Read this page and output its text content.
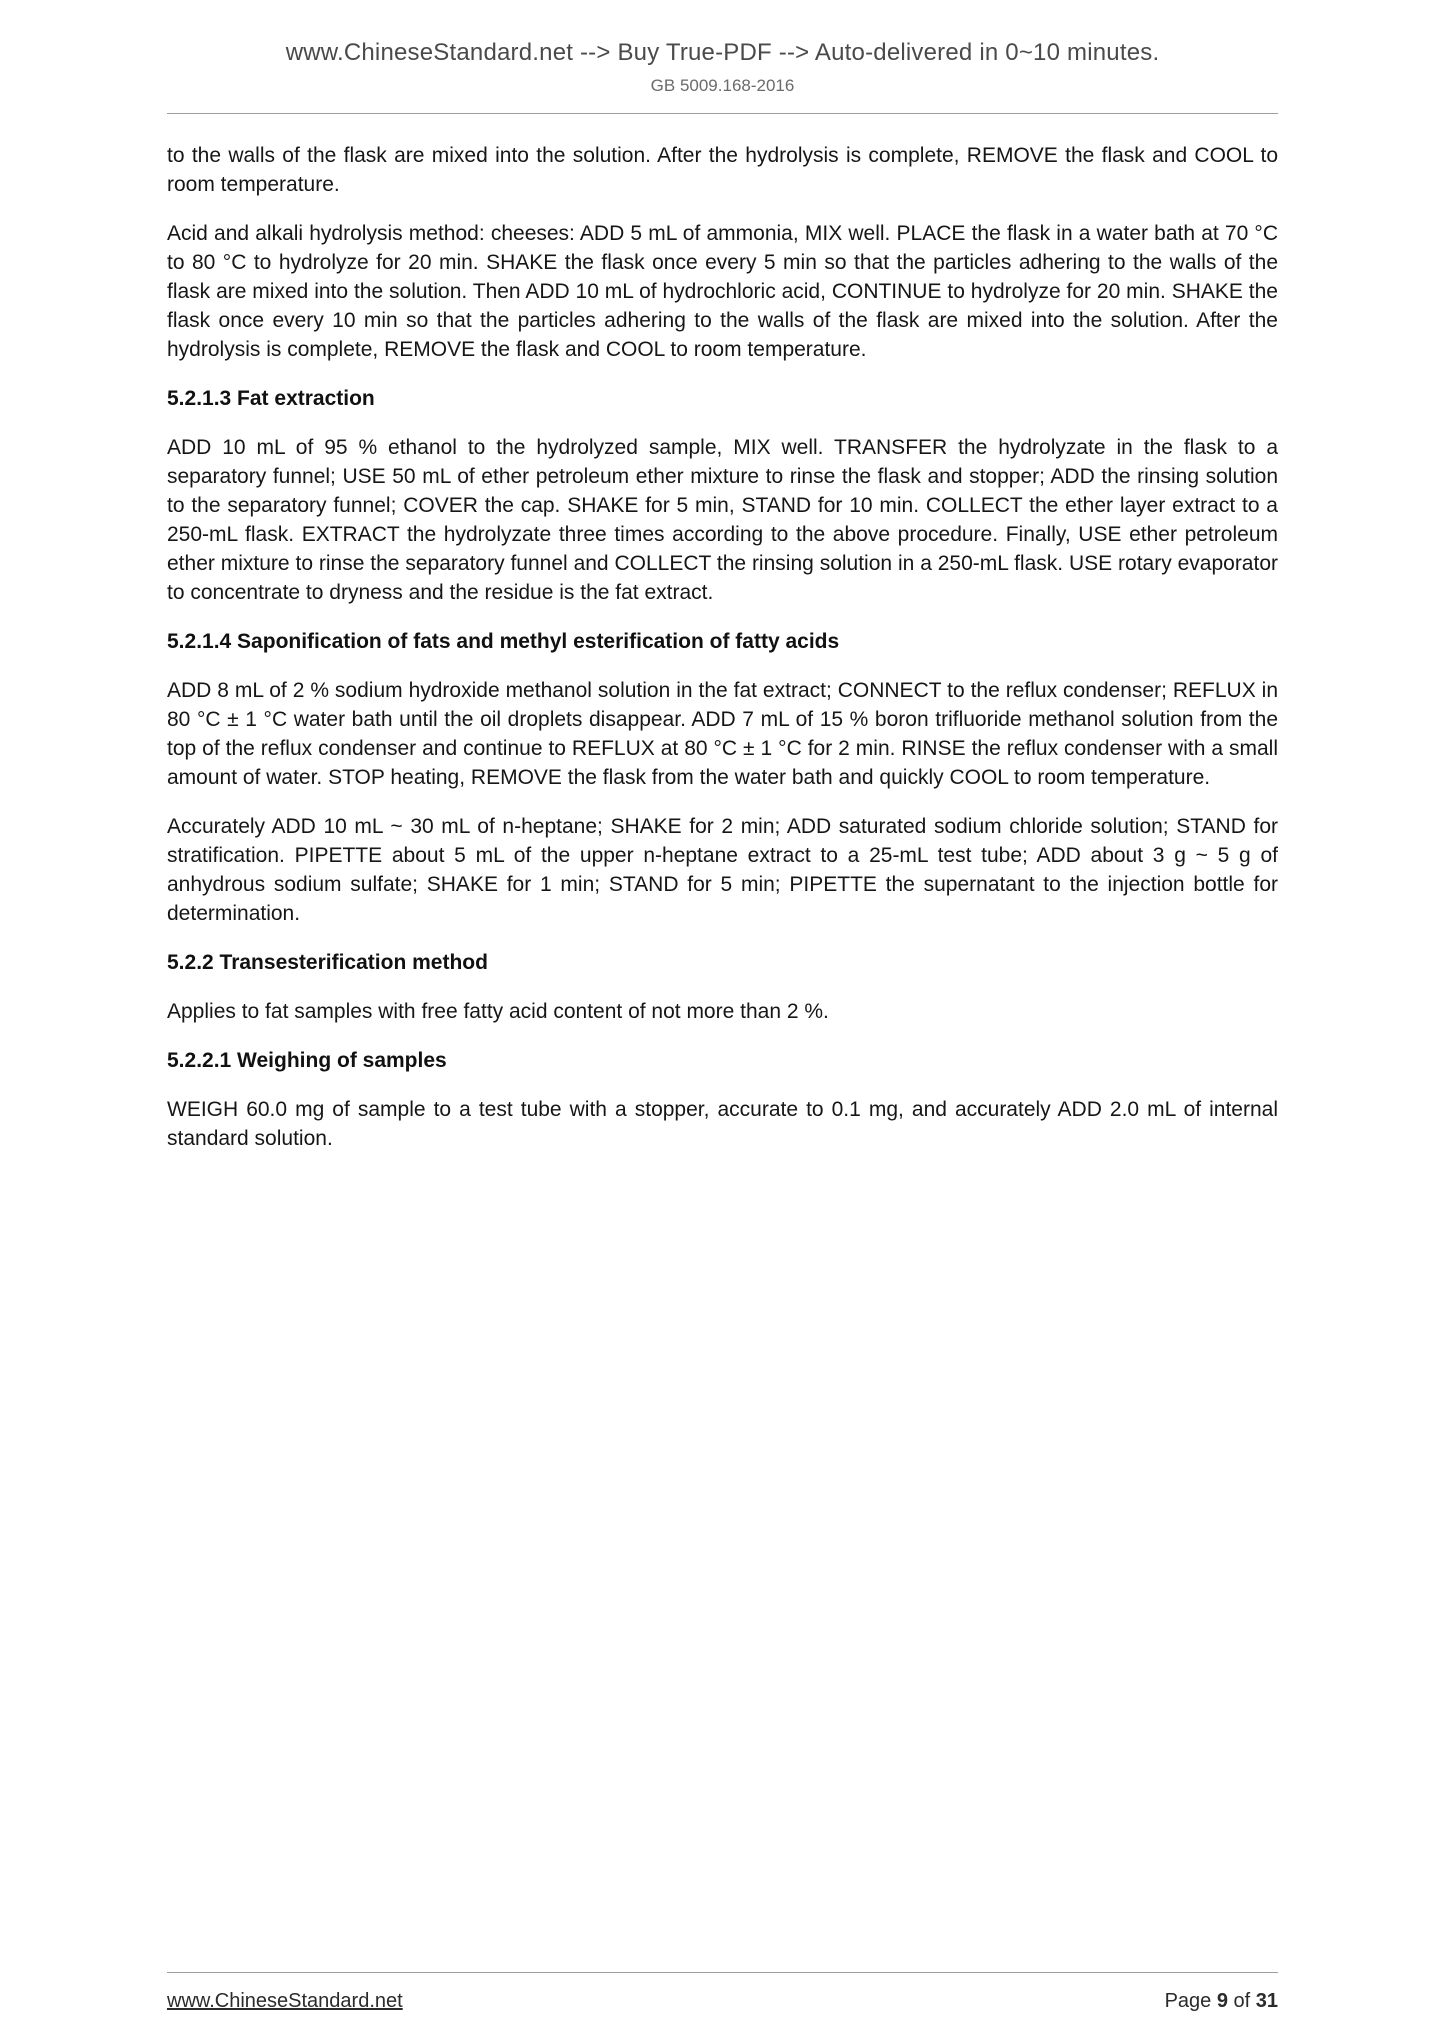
www.ChineseStandard.net --> Buy True-PDF --> Auto-delivered in 0~10 minutes.
GB 5009.168-2016

to the walls of the flask are mixed into the solution. After the hydrolysis is complete, REMOVE the flask and COOL to room temperature.

Acid and alkali hydrolysis method: cheeses: ADD 5 mL of ammonia, MIX well. PLACE the flask in a water bath at 70 °C to 80 °C to hydrolyze for 20 min. SHAKE the flask once every 5 min so that the particles adhering to the walls of the flask are mixed into the solution. Then ADD 10 mL of hydrochloric acid, CONTINUE to hydrolyze for 20 min. SHAKE the flask once every 10 min so that the particles adhering to the walls of the flask are mixed into the solution. After the hydrolysis is complete, REMOVE the flask and COOL to room temperature.

5.2.1.3 Fat extraction

ADD 10 mL of 95 % ethanol to the hydrolyzed sample, MIX well. TRANSFER the hydrolyzate in the flask to a separatory funnel; USE 50 mL of ether petroleum ether mixture to rinse the flask and stopper; ADD the rinsing solution to the separatory funnel; COVER the cap. SHAKE for 5 min, STAND for 10 min. COLLECT the ether layer extract to a 250-mL flask. EXTRACT the hydrolyzate three times according to the above procedure. Finally, USE ether petroleum ether mixture to rinse the separatory funnel and COLLECT the rinsing solution in a 250-mL flask. USE rotary evaporator to concentrate to dryness and the residue is the fat extract.

5.2.1.4 Saponification of fats and methyl esterification of fatty acids

ADD 8 mL of 2 % sodium hydroxide methanol solution in the fat extract; CONNECT to the reflux condenser; REFLUX in 80 °C ± 1 °C water bath until the oil droplets disappear. ADD 7 mL of 15 % boron trifluoride methanol solution from the top of the reflux condenser and continue to REFLUX at 80 °C ± 1 °C for 2 min. RINSE the reflux condenser with a small amount of water. STOP heating, REMOVE the flask from the water bath and quickly COOL to room temperature.

Accurately ADD 10 mL ~ 30 mL of n-heptane; SHAKE for 2 min; ADD saturated sodium chloride solution; STAND for stratification. PIPETTE about 5 mL of the upper n-heptane extract to a 25-mL test tube; ADD about 3 g ~ 5 g of anhydrous sodium sulfate; SHAKE for 1 min; STAND for 5 min; PIPETTE the supernatant to the injection bottle for determination.

5.2.2 Transesterification method

Applies to fat samples with free fatty acid content of not more than 2 %.

5.2.2.1 Weighing of samples

WEIGH 60.0 mg of sample to a test tube with a stopper, accurate to 0.1 mg, and accurately ADD 2.0 mL of internal standard solution.

www.ChineseStandard.net	Page 9 of 31
